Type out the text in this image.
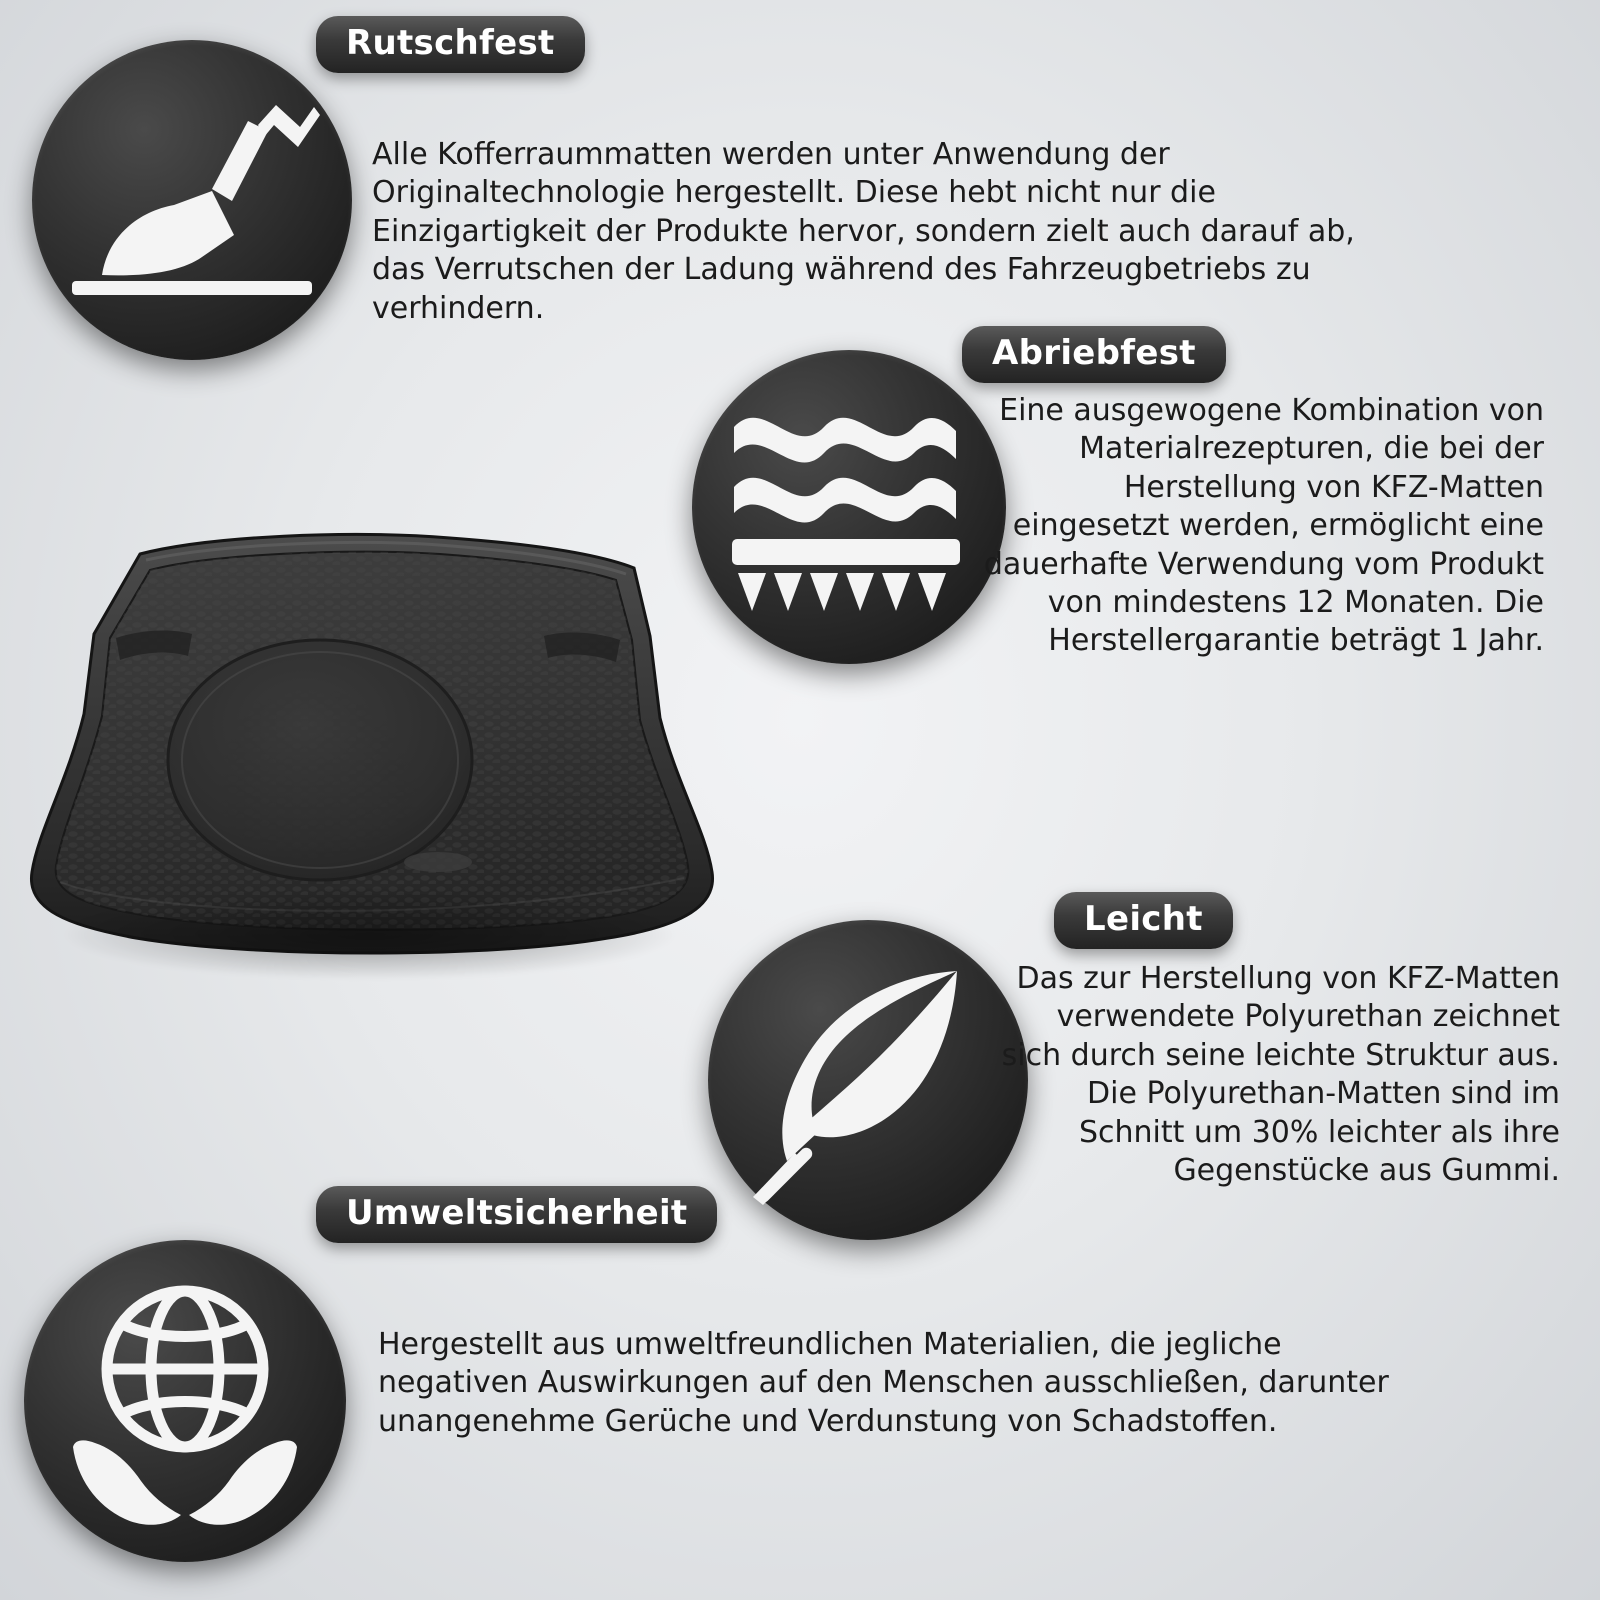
Rutschfest
Alle Kofferraummatten werden unter Anwendung der Originaltechnologie hergestellt. Diese hebt nicht nur die Einzigartigkeit der Produkte hervor, sondern zielt auch darauf ab, das Verrutschen der Ladung während des Fahrzeugbetriebs zu verhindern.
Abriebfest
Eine ausgewogene Kombination von Materialrezepturen, die bei der Herstellung von KFZ-Matten eingesetzt werden, ermöglicht eine dauerhafte Verwendung vom Produkt von mindestens 12 Monaten. Die Herstellergarantie beträgt 1 Jahr.
Leicht
Das zur Herstellung von KFZ-Matten verwendete Polyurethan zeichnet sich durch seine leichte Struktur aus. Die Polyurethan-Matten sind im Schnitt um 30% leichter als ihre Gegenstücke aus Gummi.
Umweltsicherheit
Hergestellt aus umweltfreundlichen Materialien, die jegliche negativen Auswirkungen auf den Menschen ausschließen, darunter unangenehme Gerüche und Verdunstung von Schadstoffen.
